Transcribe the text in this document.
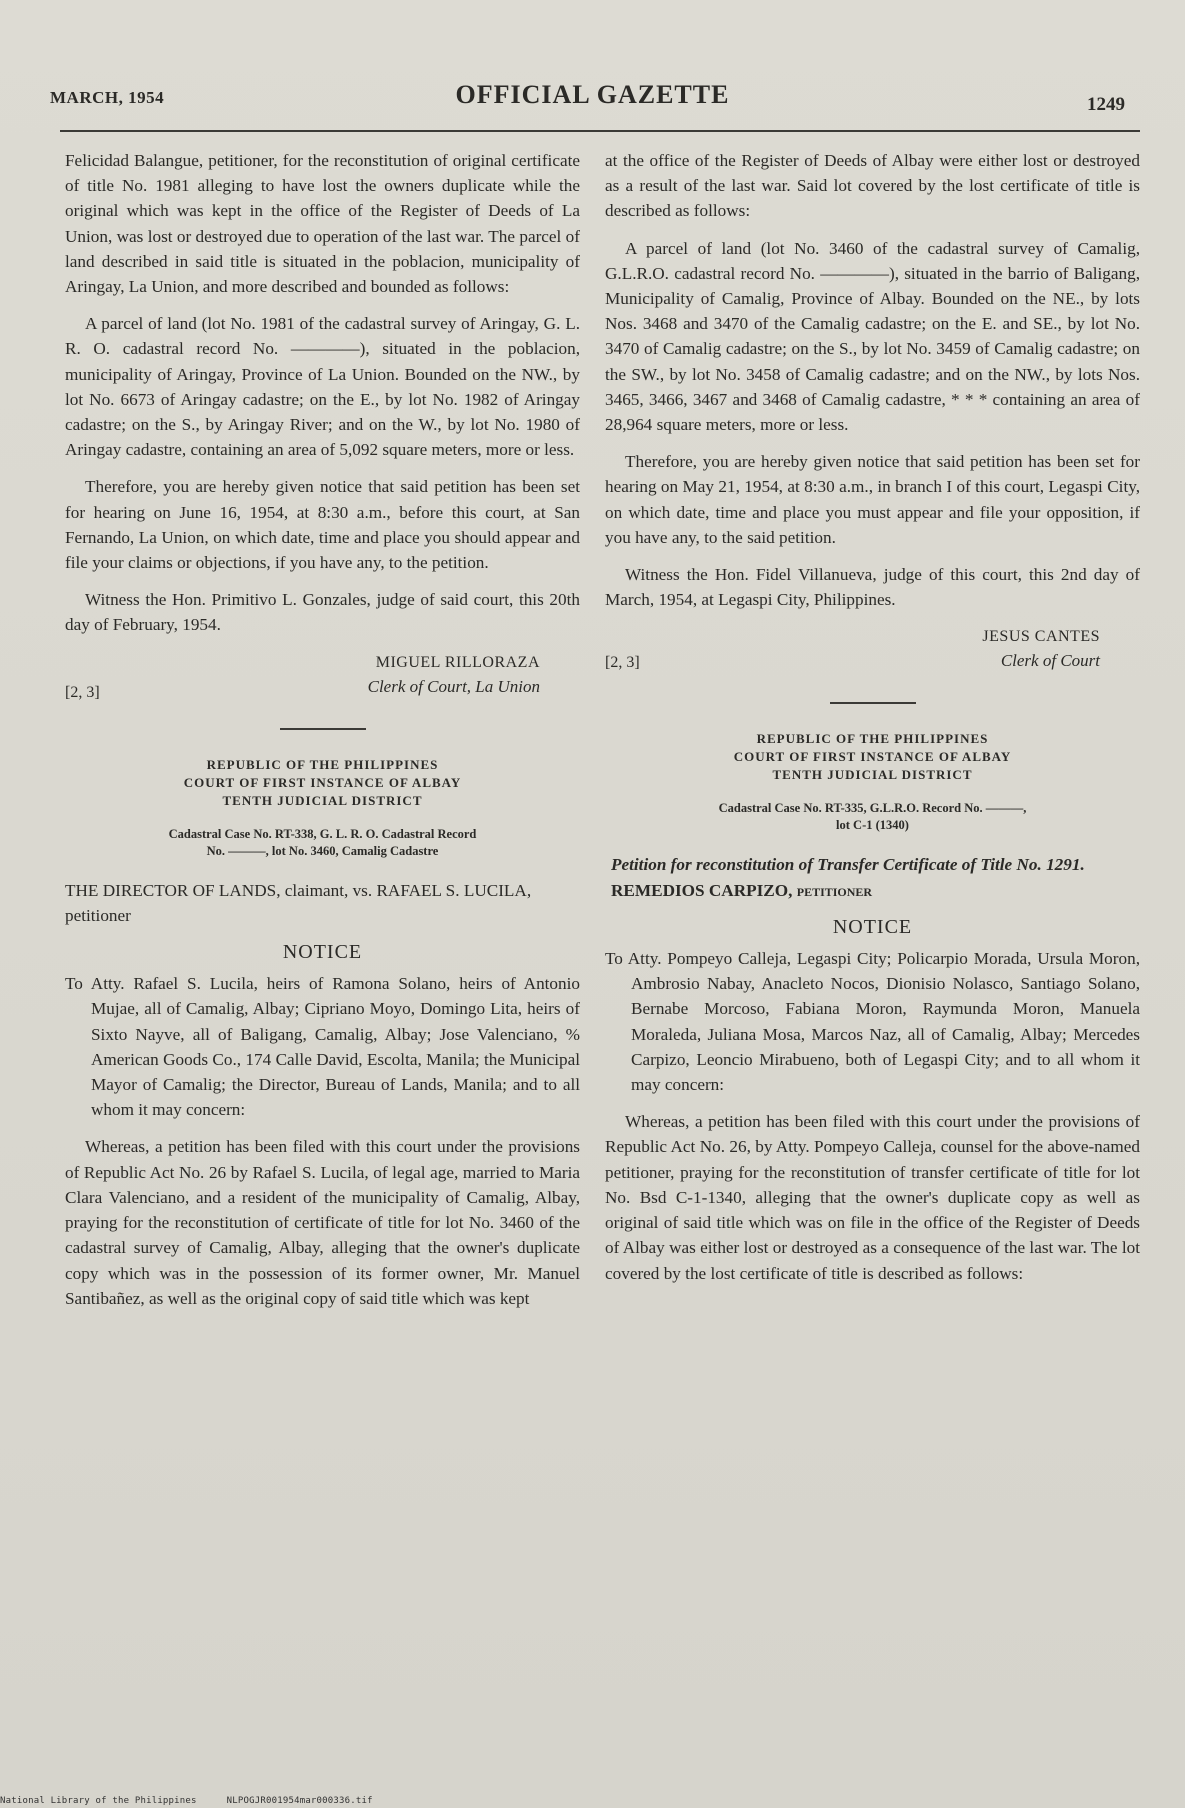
MARCH, 1954	OFFICIAL GAZETTE	1249

Felicidad Balangue, petitioner, for the reconstitution of original certificate of title No. 1981 alleging to have lost the owners duplicate while the original which was kept in the office of the Register of Deeds of La Union, was lost or destroyed due to operation of the last war. The parcel of land described in said title is situated in the poblacion, municipality of Aringay, La Union, and more described and bounded as follows:

A parcel of land (lot No. 1981 of the cadastral survey of Aringay, G. L. R. O. cadastral record No. ————), situated in the poblacion, municipality of Aringay, Province of La Union. Bounded on the NW., by lot No. 6673 of Aringay cadastre; on the E., by lot No. 1982 of Aringay cadastre; on the S., by Aringay River; and on the W., by lot No. 1980 of Aringay cadastre, containing an area of 5,092 square meters, more or less.

Therefore, you are hereby given notice that said petition has been set for hearing on June 16, 1954, at 8:30 a.m., before this court, at San Fernando, La Union, on which date, time and place you should appear and file your claims or objections, if you have any, to the petition.

Witness the Hon. Primitivo L. Gonzales, judge of said court, this 20th day of February, 1954.

MIGUEL RILLORAZA
Clerk of Court, La Union
[2, 3]
REPUBLIC OF THE PHILIPPINES
COURT OF FIRST INSTANCE OF ALBAY
TENTH JUDICIAL DISTRICT
Cadastral Case No. RT-338, G. L. R. O. Cadastral Record
No. ———, lot No. 3460, Camalig Cadastre

THE DIRECTOR OF LANDS, claimant, vs. RAFAEL S. LUCILA, petitioner

NOTICE

To Atty. Rafael S. Lucila, heirs of Ramona Solano, heirs of Antonio Mujae, all of Camalig, Albay; Cipriano Moyo, Domingo Lita, heirs of Sixto Nayve, all of Baligang, Camalig, Albay; Jose Valenciano, % American Goods Co., 174 Calle David, Escolta, Manila; the Municipal Mayor of Camalig; the Director, Bureau of Lands, Manila; and to all whom it may concern:

Whereas, a petition has been filed with this court under the provisions of Republic Act No. 26 by Rafael S. Lucila, of legal age, married to Maria Clara Valenciano, and a resident of the municipality of Camalig, Albay, praying for the reconstitution of certificate of title for lot No. 3460 of the cadastral survey of Camalig, Albay, alleging that the owner's duplicate copy which was in the possession of its former owner, Mr. Manuel Santibañez, as well as the original copy of said title which was kept

at the office of the Register of Deeds of Albay were either lost or destroyed as a result of the last war. Said lot covered by the lost certificate of title is described as follows:

A parcel of land (lot No. 3460 of the cadastral survey of Camalig, G.L.R.O. cadastral record No. ————), situated in the barrio of Baligang, Municipality of Camalig, Province of Albay. Bounded on the NE., by lots Nos. 3468 and 3470 of the Camalig cadastre; on the E. and SE., by lot No. 3470 of Camalig cadastre; on the S., by lot No. 3459 of Camalig cadastre; on the SW., by lot No. 3458 of Camalig cadastre; and on the NW., by lots Nos. 3465, 3466, 3467 and 3468 of Camalig cadastre, * * * containing an area of 28,964 square meters, more or less.

Therefore, you are hereby given notice that said petition has been set for hearing on May 21, 1954, at 8:30 a.m., in branch I of this court, Legaspi City, on which date, time and place you must appear and file your opposition, if you have any, to the said petition.

Witness the Hon. Fidel Villanueva, judge of this court, this 2nd day of March, 1954, at Legaspi City, Philippines.

JESUS CANTES
Clerk of Court
[2, 3]
REPUBLIC OF THE PHILIPPINES
COURT OF FIRST INSTANCE OF ALBAY
TENTH JUDICIAL DISTRICT
Cadastral Case No. RT-335, G.L.R.O. Record No. ———,
lot C-1 (1340)

Petition for reconstitution of Transfer Certificate of Title No. 1291. REMEDIOS CARPIZO, petitioner

NOTICE

To Atty. Pompeyo Calleja, Legaspi City; Policarpio Morada, Ursula Moron, Ambrosio Nabay, Anacleto Nocos, Dionisio Nolasco, Santiago Solano, Bernabe Morcoso, Fabiana Moron, Raymunda Moron, Manuela Moraleda, Juliana Mosa, Marcos Naz, all of Camalig, Albay; Mercedes Carpizo, Leoncio Mirabueno, both of Legaspi City; and to all whom it may concern:

Whereas, a petition has been filed with this court under the provisions of Republic Act No. 26, by Atty. Pompeyo Calleja, counsel for the above-named petitioner, praying for the reconstitution of transfer certificate of title for lot No. Bsd C-1-1340, alleging that the owner's duplicate copy as well as original of said title which was on file in the office of the Register of Deeds of Albay was either lost or destroyed as a consequence of the last war. The lot covered by the lost certificate of title is described as follows:

National Library of the Philippines	NLPOGJR001954mar000336.tif
